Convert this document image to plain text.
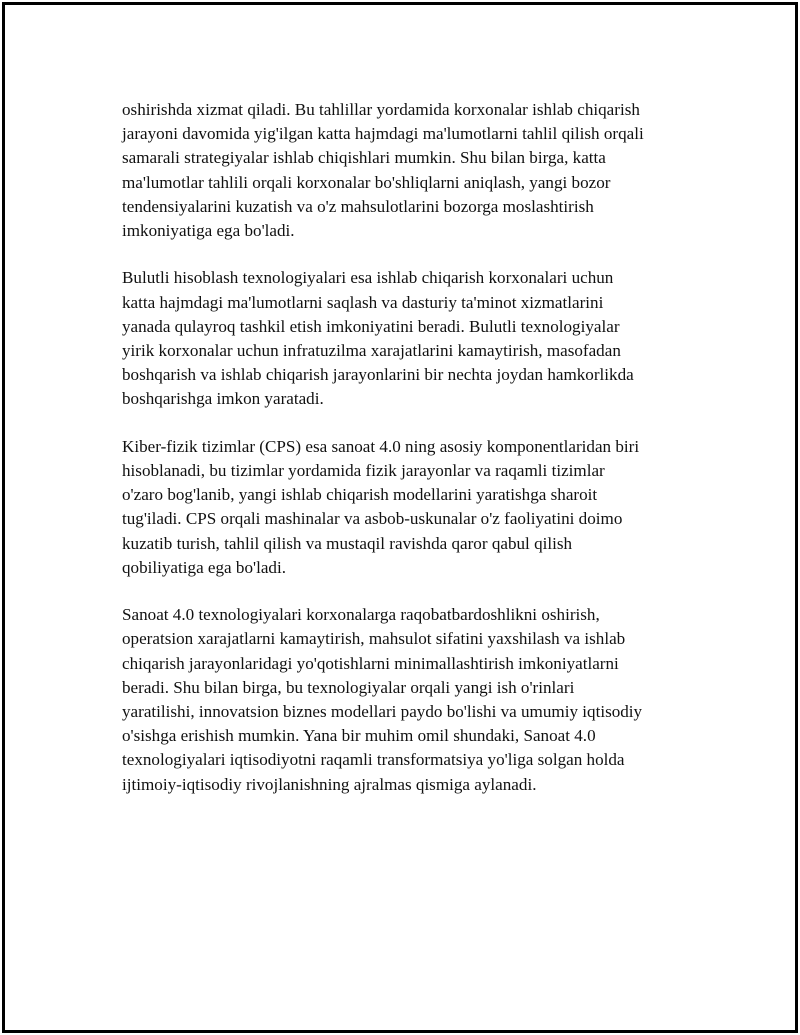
oshirishda xizmat qiladi. Bu tahlillar yordamida korxonalar ishlab chiqarish
jarayoni davomida yig'ilgan katta hajmdagi ma'lumotlarni tahlil qilish orqali
samarali strategiyalar ishlab chiqishlari mumkin. Shu bilan birga, katta
ma'lumotlar tahlili orqali korxonalar bo'shliqlarni aniqlash, yangi bozor
tendensiyalarini kuzatish va o'z mahsulotlarini bozorga moslashtirish
imkoniyatiga ega bo'ladi.

Bulutli hisoblash texnologiyalari esa ishlab chiqarish korxonalari uchun
katta hajmdagi ma'lumotlarni saqlash va dasturiy ta'minot xizmatlarini
yanada qulayroq tashkil etish imkoniyatini beradi. Bulutli texnologiyalar
yirik korxonalar uchun infratuzilma xarajatlarini kamaytirish, masofadan
boshqarish va ishlab chiqarish jarayonlarini bir nechta joydan hamkorlikda
boshqarishga imkon yaratadi.

Kiber-fizik tizimlar (CPS) esa sanoat 4.0 ning asosiy komponentlaridan biri
hisoblanadi, bu tizimlar yordamida fizik jarayonlar va raqamli tizimlar
o'zaro bog'lanib, yangi ishlab chiqarish modellarini yaratishga sharoit
tug'iladi. CPS orqali mashinalar va asbob-uskunalar o'z faoliyatini doimo
kuzatib turish, tahlil qilish va mustaqil ravishda qaror qabul qilish
qobiliyatiga ega bo'ladi.

Sanoat 4.0 texnologiyalari korxonalarga raqobatbardoshlikni oshirish,
operatsion xarajatlarni kamaytirish, mahsulot sifatini yaxshilash va ishlab
chiqarish jarayonlaridagi yo'qotishlarni minimallashtirish imkoniyatlarni
beradi. Shu bilan birga, bu texnologiyalar orqali yangi ish o'rinlari
yaratilishi, innovatsion biznes modellari paydo bo'lishi va umumiy iqtisodiy
o'sishga erishish mumkin. Yana bir muhim omil shundaki, Sanoat 4.0
texnologiyalari iqtisodiyotni raqamli transformatsiya yo'liga solgan holda
ijtimoiy-iqtisodiy rivojlanishning ajralmas qismiga aylanadi.
